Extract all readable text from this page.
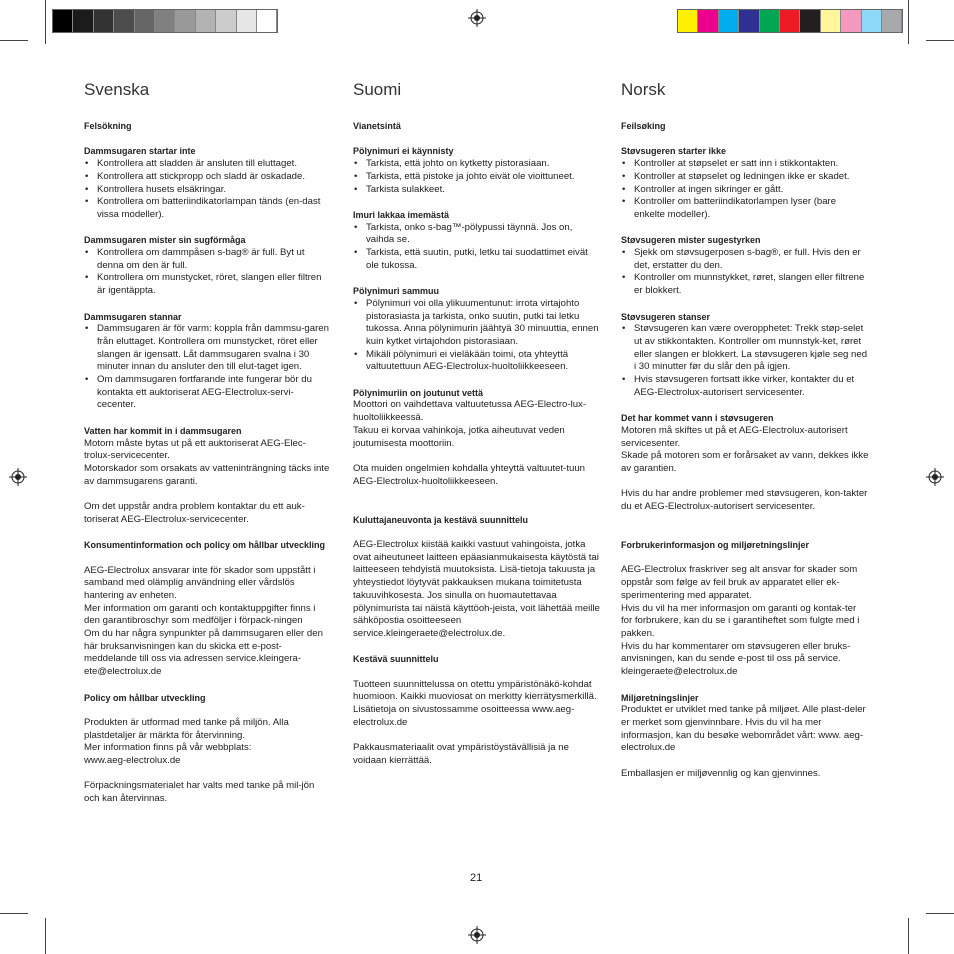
Svenska

Felsökning

Dammsugaren startar inte

• Kontrollera att sladden är ansluten till eluttaget.
• Kontrollera att stickpropp och sladd är oskadade.
• Kontrollera husets elsäkringar.
• Kontrollera om batteriindikatorlampan tänds (en-dast vissa modeller).

Dammsugaren mister sin sugförmåga

• Kontrollera om dammpåsen s-bag® är full. Byt ut denna om den är full.
• Kontrollera om munstycket, röret, slangen eller filtren är igentäppta.

Dammsugaren stannar

• Dammsugaren är för varm: koppla från dammsu-garen från eluttaget. Kontrollera om munstycket, röret eller slangen är igensatt. Låt dammsugaren svalna i 30 minuter innan du ansluter den till elut-taget igen.
• Om dammsugaren fortfarande inte fungerar bör du kontakta ett auktoriserat AEG-Electrolux-servi-cecenter.

Vatten har kommit in i dammsugaren

Motorn måste bytas ut på ett auktoriserat AEG-Elec-trolux-servicecenter.

Motorskador som orsakats av vatteninträngning täcks inte av dammsugarens garanti.

Om det uppstår andra problem kontaktar du ett auk-toriserat AEG-Electrolux-servicecenter.

Konsumentinformation och policy om hållbar utveckling

AEG-Electrolux ansvarar inte för skador som uppstått i samband med olämplig användning eller vårdslös hantering av enheten.

Mer information om garanti och kontaktuppgifter finns i den garantibroschyr som medföljer i förpack-ningen

Om du har några synpunkter på dammsugaren eller den här bruksanvisningen kan du skicka ett e-post-meddelande till oss via adressen service.kleingera-ete@electrolux.de

Policy om hållbar utveckling

Produkten är utformad med tanke på miljön. Alla plastdetaljer är märkta för återvinning.

Mer information finns på vår webbplats:

www.aeg-electrolux.de

Förpackningsmaterialet har valts med tanke på mil-jön och kan återvinnas.

Suomi

Vianetsintä

Pölynimuri ei käynnisty

• Tarkista, että johto on kytketty pistorasiaan.
• Tarkista, että pistoke ja johto eivät ole vioittuneet.
• Tarkista sulakkeet.

Imuri lakkaa imemästä

• Tarkista, onko s-bag™-pölypussi täynnä. Jos on, vaihda se.
• Tarkista, että suutin, putki, letku tai suodattimet eivät ole tukossa.

Pölynimuri sammuu

• Pölynimuri voi olla ylikuumentunut: irrota virtajohto pistorasiasta ja tarkista, onko suutin, putki tai letku tukossa. Anna pölynimurin jäähtyä 30 minuuttia, ennen kuin kytket virtajohdon pistorasiaan.
• Mikäli pölynimuri ei vieläkään toimi, ota yhteyttä valtuutettuun AEG-Electrolux-huoltoliikkeeseen.

Pölynimuriin on joutunut vettä

Moottori on vaihdettava valtuutetussa AEG-Electro-lux-huoltoliikkeessä.

Takuu ei korvaa vahinkoja, jotka aiheutuvat veden joutumisesta moottoriin.

Ota muiden ongelmien kohdalla yhteyttä valtuutet-tuun AEG-Electrolux-huoltoliikkeeseen.

Kuluttajaneuvonta ja kestävä suunnittelu

AEG-Electrolux kiistää kaikki vastuut vahingoista, jotka ovat aiheutuneet laitteen epäasianmukaisesta käytöstä tai laitteeseen tehdyistä muutoksista. Lisä-tietoja takuusta ja yhteystiedot löytyvät pakkauksen mukana toimitetusta takuuvihkosesta. Jos sinulla on huomautettavaa pölynimurista tai näistä käyttöoh-jeista, voit lähettää meille sähköpostia osoitteeseen service.kleingeraete@electrolux.de.

Kestävä suunnittelu

Tuotteen suunnittelussa on otettu ympäristönäkö-kohdat huomioon. Kaikki muoviosat on merkitty kierrätysmerkillä. Lisätietoja on sivustossamme osoitteessa www.aeg-electrolux.de

Pakkausmateriaalit ovat ympäristöystävällisiä ja ne voidaan kierrättää.

Norsk

Feilsøking

Støvsugeren starter ikke

• Kontroller at støpselet er satt inn i stikkontakten.
• Kontroller at støpselet og ledningen ikke er skadet.
• Kontroller at ingen sikringer er gått.
• Kontroller om batteriindikatorlampen lyser (bare enkelte modeller).

Støvsugeren mister sugestyrken

• Sjekk om støvsugerposen s-bag®, er full. Hvis den er det, erstatter du den.
• Kontroller om munnstykket, røret, slangen eller filtrene er blokkert.

Støvsugeren stanser

• Støvsugeren kan være overopphetet: Trekk støp-selet ut av stikkontakten. Kontroller om munnstyk-ket, røret eller slangen er blokkert. La støvsugeren kjøle seg ned i 30 minutter før du slår den på igjen.
• Hvis støvsugeren fortsatt ikke virker, kontakter du et AEG-Electrolux-autorisert servicesenter.

Det har kommet vann i støvsugeren

Motoren må skiftes ut på et AEG-Electrolux-autorisert servicesenter.

Skade på motoren som er forårsaket av vann, dekkes ikke av garantien.

Hvis du har andre problemer med støvsugeren, kon-takter du et AEG-Electrolux-autorisert servicesenter.

Forbrukerinformasjon og miljøretningslinjer

AEG-Electrolux fraskriver seg alt ansvar for skader som oppstår som følge av feil bruk av apparatet eller ek-sperimentering med apparatet.

Hvis du vil ha mer informasjon om garanti og kontak-ter for forbrukere, kan du se i garantiheftet som fulgte med i pakken.

Hvis du har kommentarer om støvsugeren eller bruks-anvisningen, kan du sende e-post til oss på service. kleingeraete@electrolux.de

Miljøretningslinjer

Produktet er utviklet med tanke på miljøet. Alle plast-deler er merket som gjenvinnbare. Hvis du vil ha mer informasjon, kan du besøke webområdet vårt: www. aeg-electrolux.de

Emballasjen er miljøvennlig og kan gjenvinnes.

21
